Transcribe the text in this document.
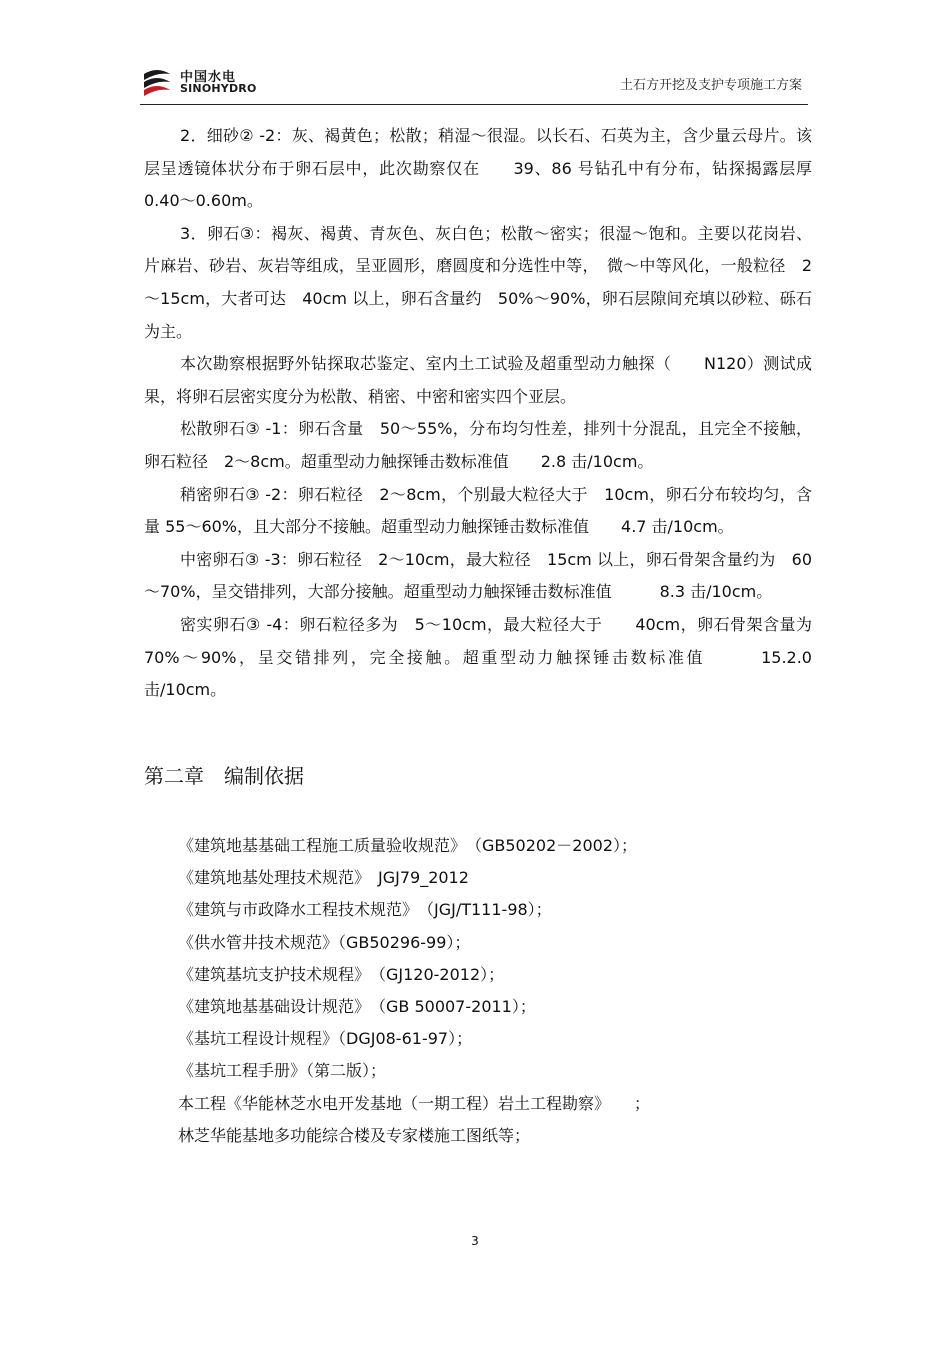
中国水电
SINOHYDRO	土石方开挖及支护专项施工方案

2．细砂② -2：灰、褐黄色；松散；稍湿～很湿。以长石、石英为主，含少量云母片。该层呈透镜体状分布于卵石层中，此次勘察仅在　　39、86 号钻孔中有分布，钻探揭露层厚　0.40～0.60m。

3．卵石③：褐灰、褐黄、青灰色、灰白色；松散～密实；很湿～饱和。主要以花岗岩、片麻岩、砂岩、灰岩等组成，呈亚圆形，磨圆度和分选性中等，　微～中等风化，一般粒径　2～15cm，大者可达　40cm 以上，卵石含量约　50%～90%，卵石层隙间充填以砂粒、砾石为主。

本次勘察根据野外钻探取芯鉴定、室内土工试验及超重型动力触探（　　N120）测试成果，将卵石层密实度分为松散、稍密、中密和密实四个亚层。

松散卵石③ -1：卵石含量　50～55%，分布均匀性差，排列十分混乱，且完全不接触，卵石粒径　2～8cm。超重型动力触探锤击数标准值　　2.8 击/10cm。

稍密卵石③ -2：卵石粒径　2～8cm，个别最大粒径大于　10cm，卵石分布较均匀，含量 55～60%，且大部分不接触。超重型动力触探锤击数标准值　　4.7 击/10cm。

中密卵石③ -3：卵石粒径　2～10cm，最大粒径　15cm 以上，卵石骨架含量约为　60～70%，呈交错排列，大部分接触。超重型动力触探锤击数标准值　　　8.3 击/10cm。

密实卵石③ -4：卵石粒径多为　5～10cm，最大粒径大于　　40cm，卵石骨架含量为 70%～90%，呈交错排列，完全接触。超重型动力触探锤击数标准值　　　15.2.0 击/10cm。

第二章　编制依据

《建筑地基基础工程施工质量验收规范》　（GB50202－2002）；

《建筑地基处理技术规范》　JGJ79_2012

《建筑与市政降水工程技术规范》　（JGJ/T111-98）；

《供水管井技术规范》（GB50296-99）；

《建筑基坑支护技术规程》　（GJ120-2012）；

《建筑地基基础设计规范》　（GB 50007-2011）；

《基坑工程设计规程》（DGJ08-61-97）；

《基坑工程手册》（第二版）；

本工程《华能林芝水电开发基地（一期工程）岩土工程勘察》　　；

林芝华能基地多功能综合楼及专家楼施工图纸等；

3
